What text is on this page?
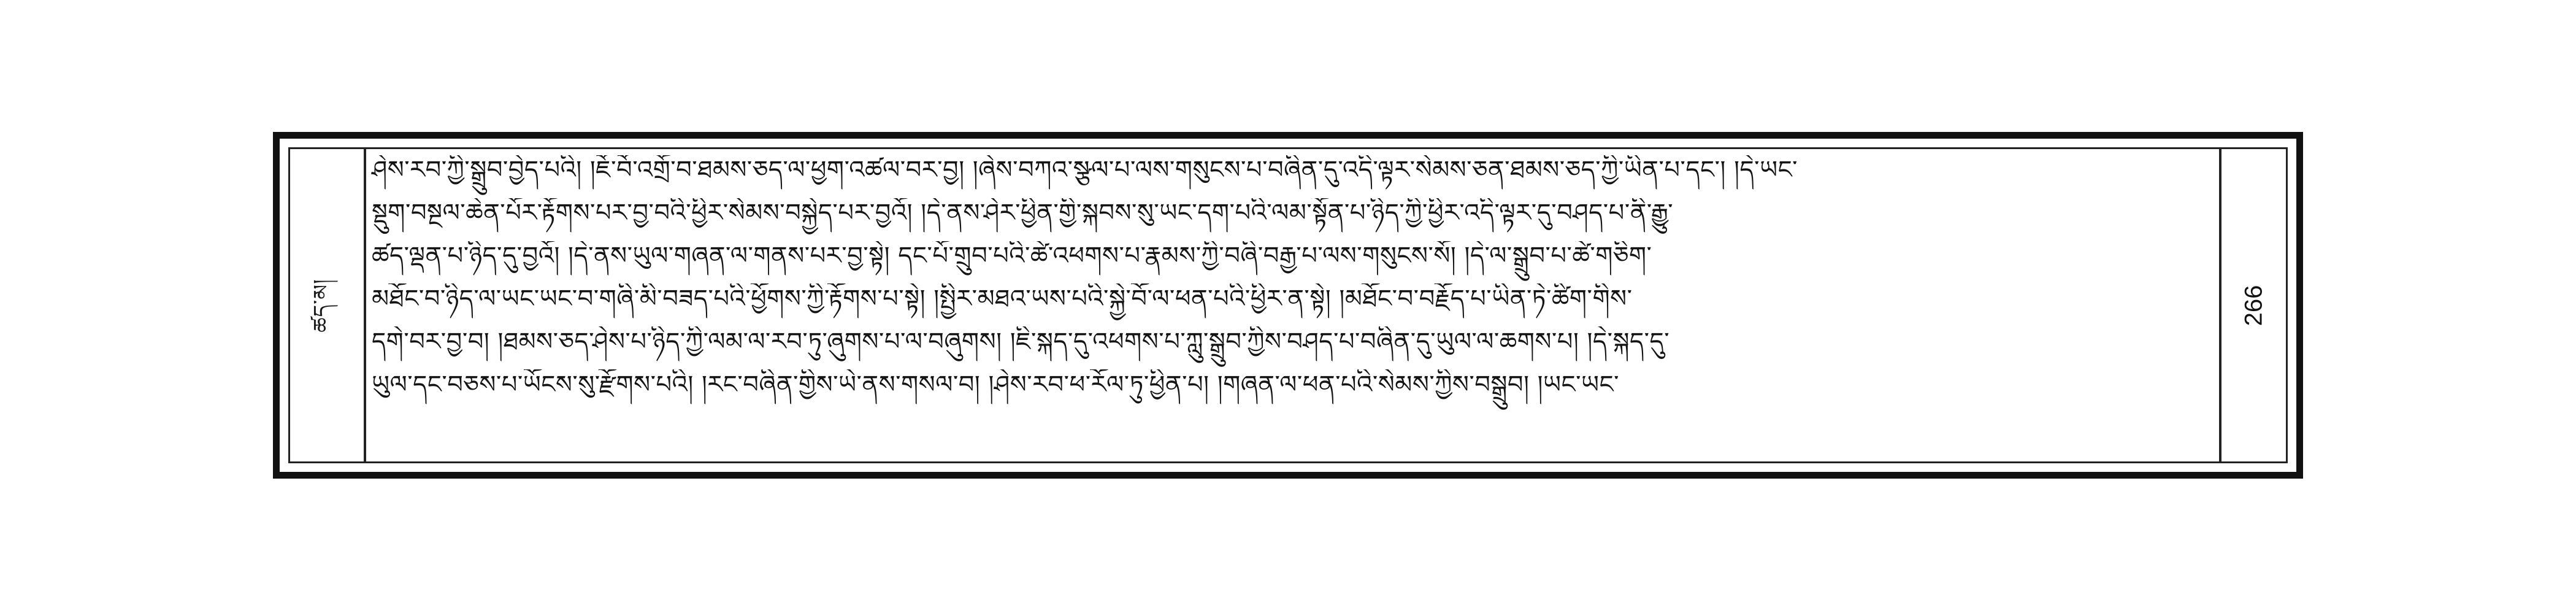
ཚད་མ།
ཤེས་རབ་ཀྱི་སྒྲུབ་བྱེད་པའི། །ཇོ་བོ་འགྲོ་བ་ཐམས་ཅད་ལ་ཕྱག་འཚལ་བར་བྱ། །ཞེས་བཀའ་སྩལ་པ་ལས་གསུངས་པ་བཞིན་དུ་འདི་ལྟར་སེམས་ཅན་ཐམས་ཅད་ཀྱི་ཡིན་པ་དང་། །དེ་ཡང་
སྡུག་བསྔལ་ཆེན་པོར་རྟོགས་པར་བྱ་བའི་ཕྱིར་སེམས་བསྐྱེད་པར་བྱའོ། །དེ་ནས་ཤེར་ཕྱིན་གྱི་སྐབས་སུ་ཡང་དག་པའི་ལམ་སྟོན་པ་ཉིད་ཀྱི་ཕྱིར་འདི་ལྟར་དུ་བཤད་པ་ནི་རྒྱུ་
ཚད་ལྡན་པ་ཉིད་དུ་བྱའོ། །དེ་ནས་ཡུལ་གཞན་ལ་གནས་པར་བྱ་སྟེ། དང་པོ་གྲུབ་པའི་ཚེ་འཕགས་པ་རྣམས་ཀྱི་བཞི་བརྒྱ་པ་ལས་གསུངས་སོ། །དེ་ལ་སྒྲུབ་པ་ཚེ་གཅིག་
མཐོང་བ་ཉིད་ལ་ཡང་ཡང་བ་གཞི་མི་བཟད་པའི་ཕྱོགས་ཀྱི་རྟོགས་པ་སྟེ། །སྤྱིར་མཐའ་ཡས་པའི་སྐྱེ་བོ་ལ་ཕན་པའི་ཕྱིར་ན་སྟེ། །མཐོང་བ་བརྗོད་པ་ཡིན་ཏེ་ཚིག་གིས་
དགེ་བར་བྱ་བ། །ཐམས་ཅད་ཤེས་པ་ཉིད་ཀྱི་ལམ་ལ་རབ་ཏུ་ཞུགས་པ་ལ་བཞུགས། །ཇི་སྐད་དུ་འཕགས་པ་ཀླུ་སྒྲུབ་ཀྱིས་བཤད་པ་བཞིན་དུ་ཡུལ་ལ་ཆགས་པ། །དེ་སྐད་དུ་
ཡུལ་དང་བཅས་པ་ཡོངས་སུ་རྫོགས་པའི། །རང་བཞིན་གྱིས་ཡེ་ནས་གསལ་བ། །ཤེས་རབ་ཕ་རོལ་ཏུ་ཕྱིན་པ། །གཞན་ལ་ཕན་པའི་སེམས་ཀྱིས་བསྒྲུབ། །ཡང་ཡང་
266
